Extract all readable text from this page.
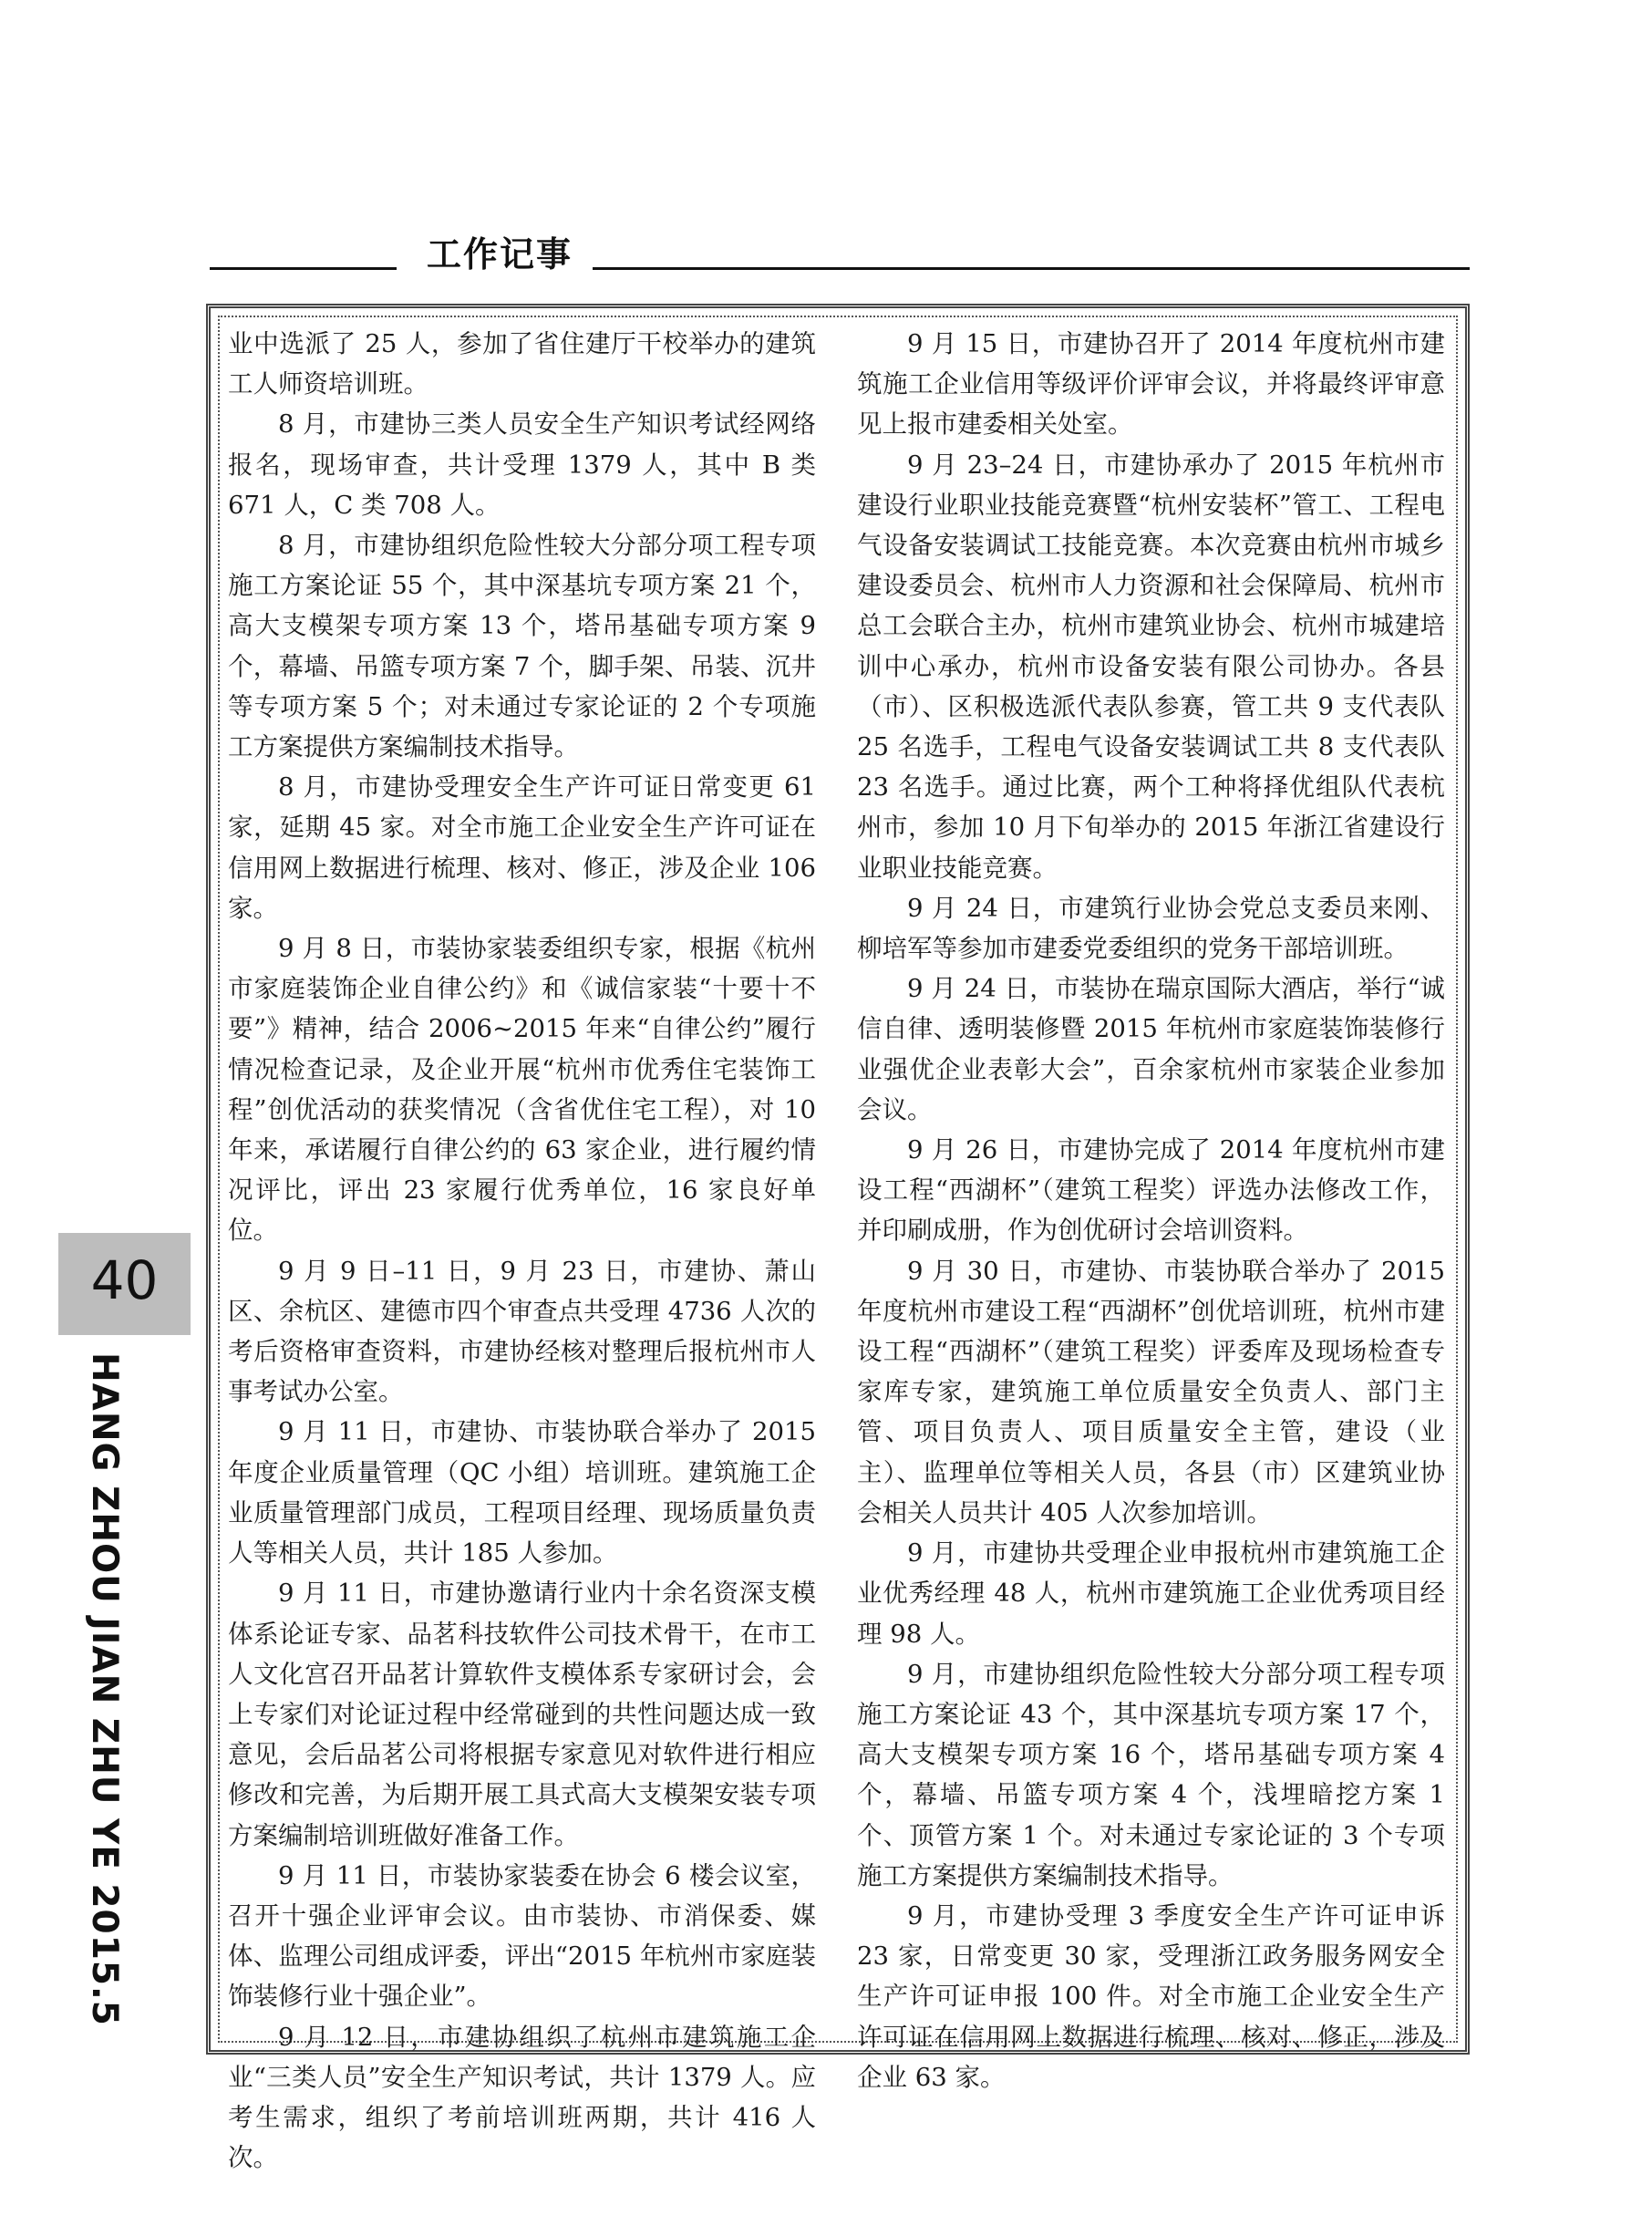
工作记事

业中选派了 25 人，参加了省住建厅干校举办的建筑工人师资培训班。

8 月，市建协三类人员安全生产知识考试经网络报名，现场审查，共计受理 1379 人，其中 B 类 671 人，C 类 708 人。

8 月，市建协组织危险性较大分部分项工程专项施工方案论证 55 个，其中深基坑专项方案 21 个，高大支模架专项方案 13 个，塔吊基础专项方案 9 个，幕墙、吊篮专项方案 7 个，脚手架、吊装、沉井等专项方案 5 个；对未通过专家论证的 2 个专项施工方案提供方案编制技术指导。

8 月，市建协受理安全生产许可证日常变更 61 家，延期 45 家。对全市施工企业安全生产许可证在信用网上数据进行梳理、核对、修正，涉及企业 106 家。

9 月 8 日，市装协家装委组织专家，根据《杭州市家庭装饰企业自律公约》和《诚信家装“十要十不要”》精神，结合 2006~2015 年来“自律公约”履行情况检查记录，及企业开展“杭州市优秀住宅装饰工程”创优活动的获奖情况（含省优住宅工程），对 10 年来，承诺履行自律公约的 63 家企业，进行履约情况评比，评出 23 家履行优秀单位，16 家良好单位。

9 月 9 日–11 日，9 月 23 日，市建协、萧山区、余杭区、建德市四个审查点共受理 4736 人次的考后资格审查资料，市建协经核对整理后报杭州市人事考试办公室。

9 月 11 日，市建协、市装协联合举办了 2015 年度企业质量管理（QC 小组）培训班。建筑施工企业质量管理部门成员，工程项目经理、现场质量负责人等相关人员，共计 185 人参加。

9 月 11 日，市建协邀请行业内十余名资深支模体系论证专家、品茗科技软件公司技术骨干，在市工人文化宫召开品茗计算软件支模体系专家研讨会，会上专家们对论证过程中经常碰到的共性问题达成一致意见，会后品茗公司将根据专家意见对软件进行相应修改和完善，为后期开展工具式高大支模架安装专项方案编制培训班做好准备工作。

9 月 11 日，市装协家装委在协会 6 楼会议室，召开十强企业评审会议。由市装协、市消保委、媒体、监理公司组成评委，评出“2015 年杭州市家庭装饰装修行业十强企业”。

9 月 12 日，市建协组织了杭州市建筑施工企业“三类人员”安全生产知识考试，共计 1379 人。应考生需求，组织了考前培训班两期，共计 416 人次。

9 月 15 日，市建协召开了 2014 年度杭州市建筑施工企业信用等级评价评审会议，并将最终评审意见上报市建委相关处室。

9 月 23–24 日，市建协承办了 2015 年杭州市建设行业职业技能竞赛暨“杭州安装杯”管工、工程电气设备安装调试工技能竞赛。本次竞赛由杭州市城乡建设委员会、杭州市人力资源和社会保障局、杭州市总工会联合主办，杭州市建筑业协会、杭州市城建培训中心承办，杭州市设备安装有限公司协办。各县（市）、区积极选派代表队参赛，管工共 9 支代表队 25 名选手，工程电气设备安装调试工共 8 支代表队 23 名选手。通过比赛，两个工种将择优组队代表杭州市，参加 10 月下旬举办的 2015 年浙江省建设行业职业技能竞赛。

9 月 24 日，市建筑行业协会党总支委员来刚、柳培军等参加市建委党委组织的党务干部培训班。

9 月 24 日，市装协在瑞京国际大酒店，举行“诚信自律、透明装修暨 2015 年杭州市家庭装饰装修行业强优企业表彰大会”，百余家杭州市家装企业参加会议。

9 月 26 日，市建协完成了 2014 年度杭州市建设工程“西湖杯”（建筑工程奖）评选办法修改工作，并印刷成册，作为创优研讨会培训资料。

9 月 30 日，市建协、市装协联合举办了 2015 年度杭州市建设工程“西湖杯”创优培训班，杭州市建设工程“西湖杯”（建筑工程奖）评委库及现场检查专家库专家，建筑施工单位质量安全负责人、部门主管、项目负责人、项目质量安全主管，建设（业主）、监理单位等相关人员，各县（市）区建筑业协会相关人员共计 405 人次参加培训。

9 月，市建协共受理企业申报杭州市建筑施工企业优秀经理 48 人，杭州市建筑施工企业优秀项目经理 98 人。

9 月，市建协组织危险性较大分部分项工程专项施工方案论证 43 个，其中深基坑专项方案 17 个，高大支模架专项方案 16 个，塔吊基础专项方案 4 个，幕墙、吊篮专项方案 4 个，浅埋暗挖方案 1 个、顶管方案 1 个。对未通过专家论证的 3 个专项施工方案提供方案编制技术指导。

9 月，市建协受理 3 季度安全生产许可证申诉 23 家，日常变更 30 家，受理浙江政务服务网安全生产许可证申报 100 件。对全市施工企业安全生产许可证在信用网上数据进行梳理、核对、修正，涉及企业 63 家。

40
HANG ZHOU JIAN ZHU YE 2015.5
